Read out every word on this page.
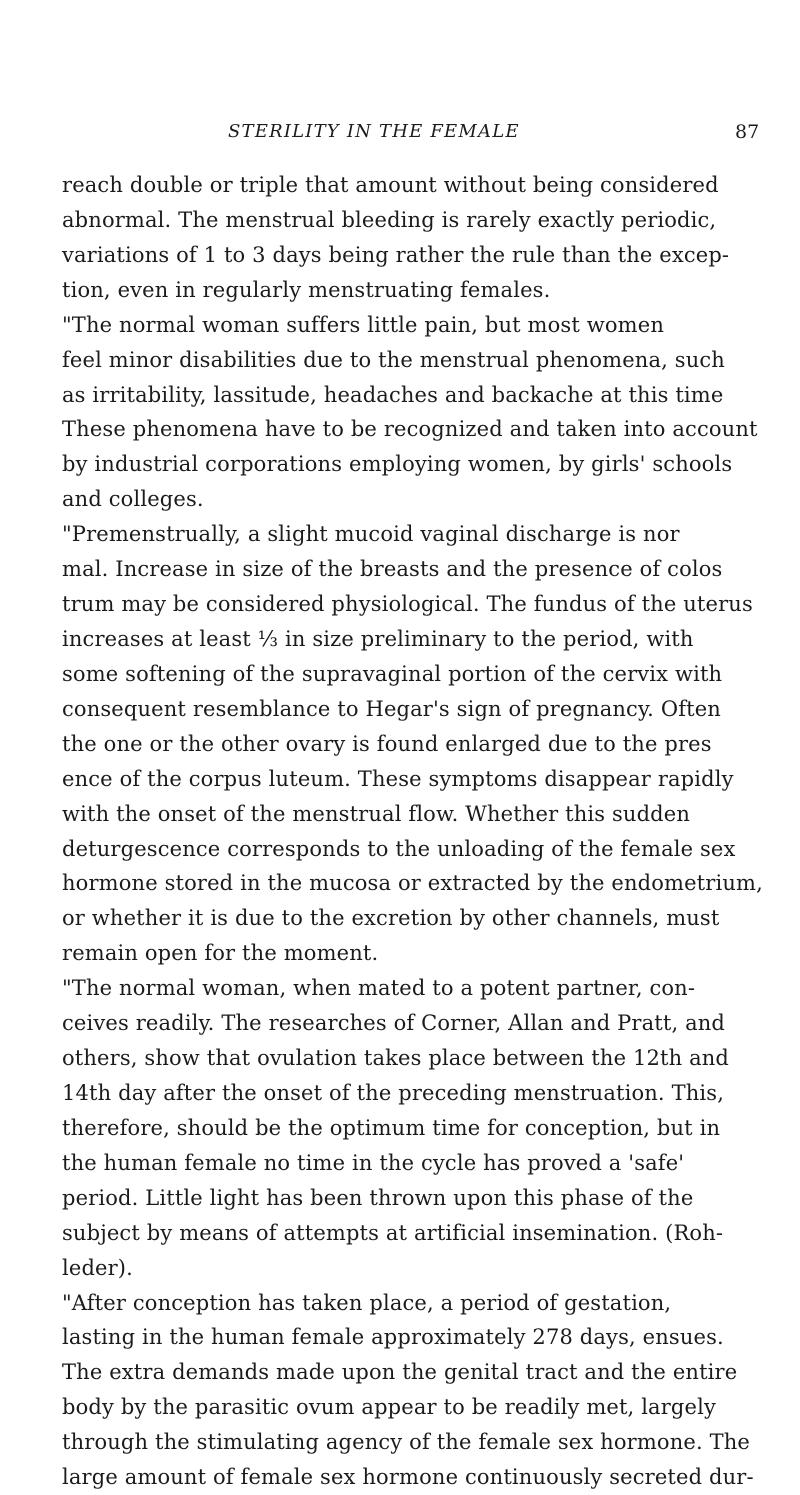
STERILITY IN THE FEMALE	87
reach double or triple that amount without being considered
abnormal. The menstrual bleeding is rarely exactly periodic,
variations of 1 to 3 days being rather the rule than the excep-
tion, even in regularly menstruating females.
"The normal woman suffers little pain, but most women
feel minor disabilities due to the menstrual phenomena, such
as irritability, lassitude, headaches and backache at this time
These phenomena have to be recognized and taken into account
by industrial corporations employing women, by girls' schools
and colleges.
"Premenstrually, a slight mucoid vaginal discharge is nor
mal. Increase in size of the breasts and the presence of colos
trum may be considered physiological. The fundus of the uterus
increases at least ⅓ in size preliminary to the period, with
some softening of the supravaginal portion of the cervix with
consequent resemblance to Hegar's sign of pregnancy. Often
the one or the other ovary is found enlarged due to the pres
ence of the corpus luteum. These symptoms disappear rapidly
with the onset of the menstrual flow. Whether this sudden
deturgescence corresponds to the unloading of the female sex
hormone stored in the mucosa or extracted by the endometrium,
or whether it is due to the excretion by other channels, must
remain open for the moment.
"The normal woman, when mated to a potent partner, con-
ceives readily. The researches of Corner, Allan and Pratt, and
others, show that ovulation takes place between the 12th and
14th day after the onset of the preceding menstruation. This,
therefore, should be the optimum time for conception, but in
the human female no time in the cycle has proved a 'safe'
period. Little light has been thrown upon this phase of the
subject by means of attempts at artificial insemination. (Roh-
leder).
"After conception has taken place, a period of gestation,
lasting in the human female approximately 278 days, ensues.
The extra demands made upon the genital tract and the entire
body by the parasitic ovum appear to be readily met, largely
through the stimulating agency of the female sex hormone. The
large amount of female sex hormone continuously secreted dur-
